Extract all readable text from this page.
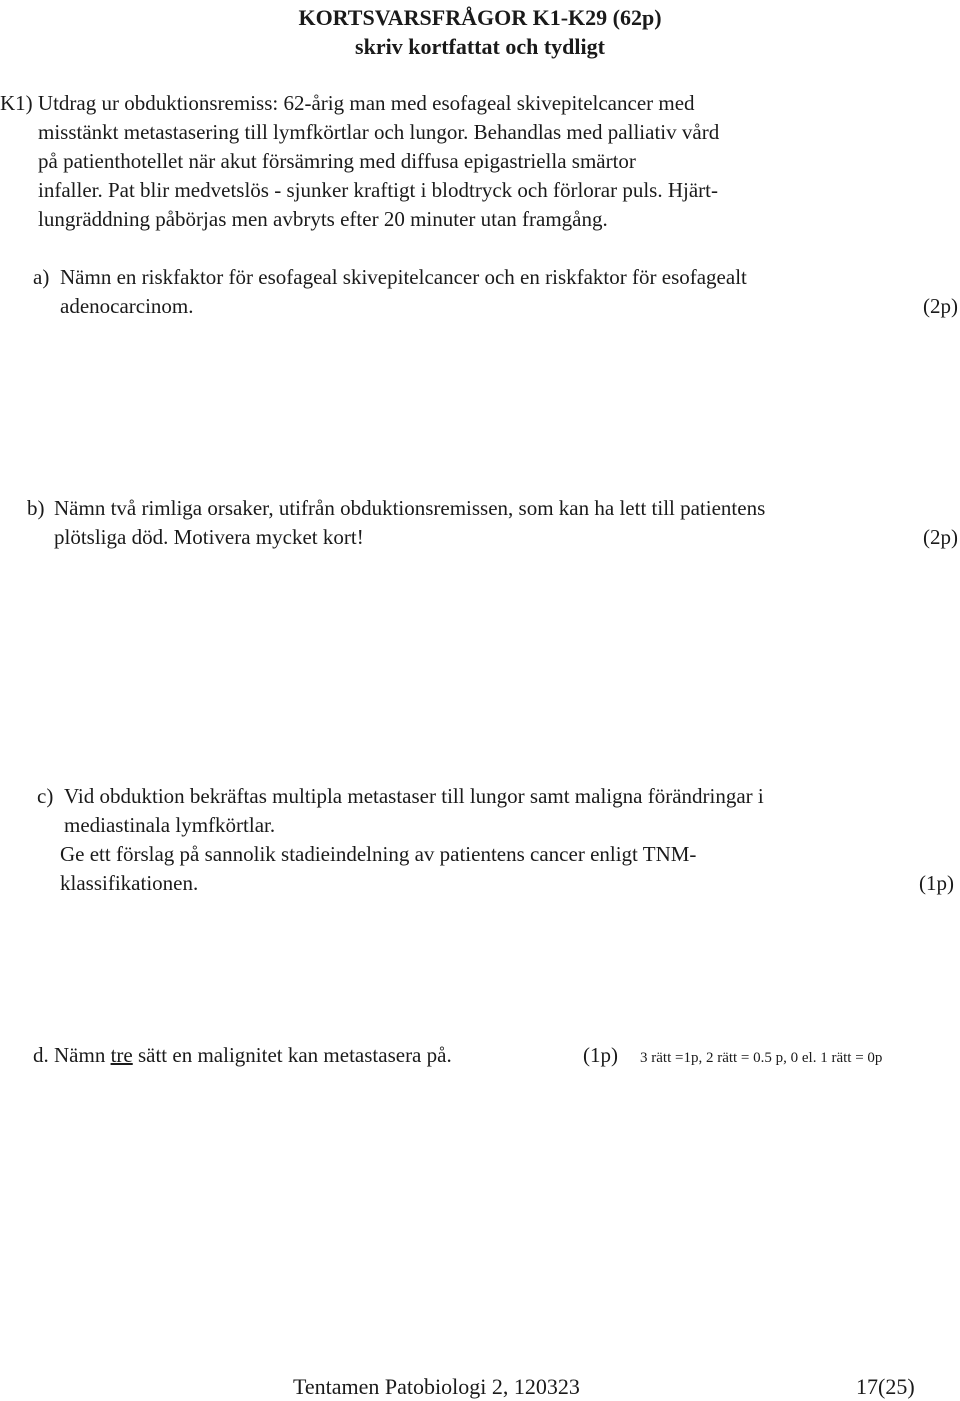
KORTSVARSFRÅGOR K1-K29 (62p)
skriv kortfattat och tydligt
K1) Utdrag ur obduktionsremiss: 62-årig man med esofageal skivepitelcancer med
misstänkt metastasering till lymfkörtlar och lungor. Behandlas med palliativ vård
på patienthotellet när akut försämring med diffusa epigastriella smärtor
infaller. Pat blir medvetslös - sjunker kraftigt i blodtryck och förlorar puls. Hjärt-
lungräddning påbörjas men avbryts efter 20 minuter utan framgång.
a) Nämn en riskfaktor för esofageal skivepitelcancer och en riskfaktor för esofagealt
adenocarcinom.	(2p)
b) Nämn två rimliga orsaker, utifrån obduktionsremissen, som kan ha lett till patientens
plötsliga död. Motivera mycket kort!	(2p)
c) Vid obduktion bekräftas multipla metastaser till lungor samt maligna förändringar i
mediastinala lymfkörtlar.
Ge ett förslag på sannolik stadieindelning av patientens cancer enligt TNM-
klassifikationen.	(1p)
d. Nämn tre sätt en malignitet kan metastasera på.	(1p) 3 rätt =1p, 2 rätt = 0.5 p, 0 el. 1 rätt = 0p
Tentamen Patobiologi 2, 120323	17(25)
